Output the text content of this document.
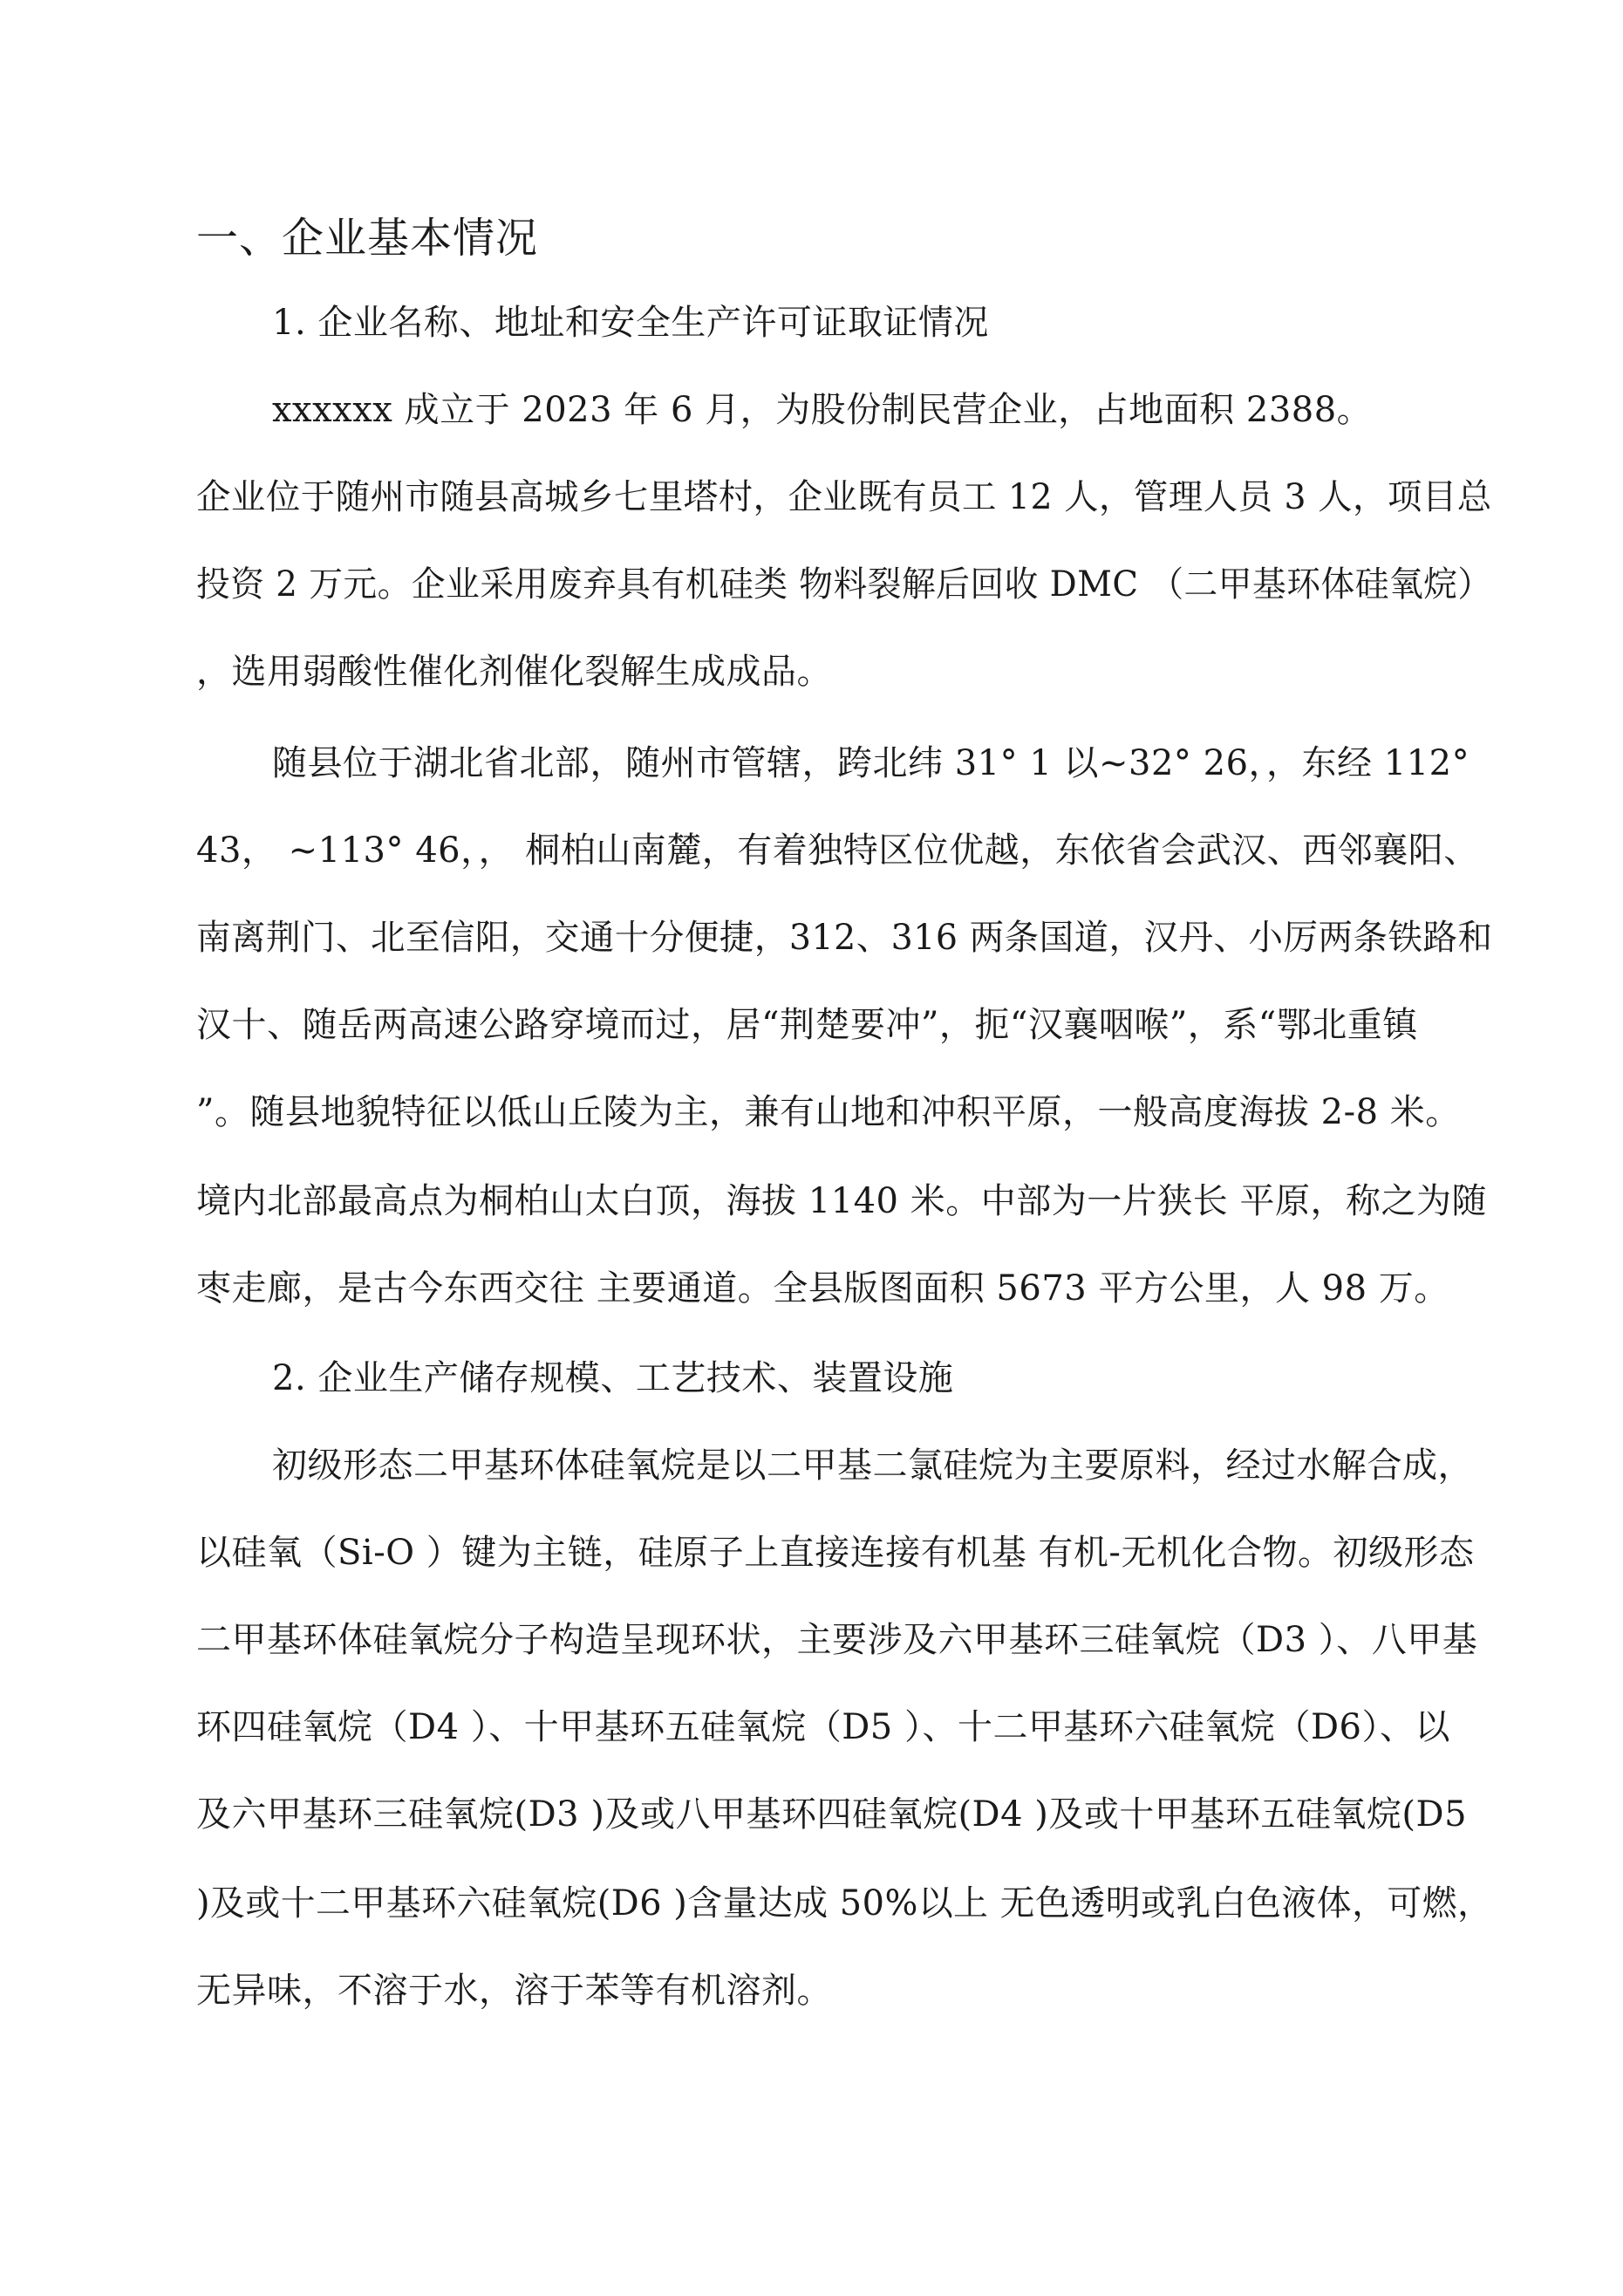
一、企业基本情况
1. 企业名称、地址和安全生产许可证取证情况
xxxxxx 成立于 2023 年 6 月，为股份制民营企业，占地面积 2388。
企业位于随州市随县高城乡七里塔村，企业既有员工 12 人，管理人员 3 人，项目总
投资 2 万元。企业采用废弃具有机硅类 物料裂解后回收 DMC （二甲基环体硅氧烷）
，选用弱酸性催化剂催化裂解生成成品。
随县位于湖北省北部，随州市管辖，跨北纬 31° 1 以~32° 26，，东经 112°
43， ~113° 46，， 桐柏山南麓，有着独特区位优越，东依省会武汉、西邻襄阳、
南离荆门、北至信阳，交通十分便捷，312、316 两条国道，汉丹、小厉两条铁路和
汉十、随岳两高速公路穿境而过，居“荆楚要冲”，扼“汉襄咽喉”，系“鄂北重镇
”。随县地貌特征以低山丘陵为主，兼有山地和冲积平原，一般高度海拔 2-8 米。
境内北部最高点为桐柏山太白顶，海拔 1140 米。中部为一片狭长 平原，称之为随
枣走廊，是古今东西交往 主要通道。全县版图面积 5673 平方公里，人 98 万。
2. 企业生产储存规模、工艺技术、装置设施
初级形态二甲基环体硅氧烷是以二甲基二氯硅烷为主要原料，经过水解合成，
以硅氧（Si-O ）键为主链，硅原子上直接连接有机基 有机-无机化合物。初级形态
二甲基环体硅氧烷分子构造呈现环状，主要涉及六甲基环三硅氧烷（D3 ）、八甲基
环四硅氧烷（D4 ）、十甲基环五硅氧烷（D5 ）、十二甲基环六硅氧烷（D6）、以
及六甲基环三硅氧烷(D3 )及或八甲基环四硅氧烷(D4 )及或十甲基环五硅氧烷(D5
)及或十二甲基环六硅氧烷(D6 )含量达成 50%以上 无色透明或乳白色液体，可燃，
无异味，不溶于水，溶于苯等有机溶剂。
